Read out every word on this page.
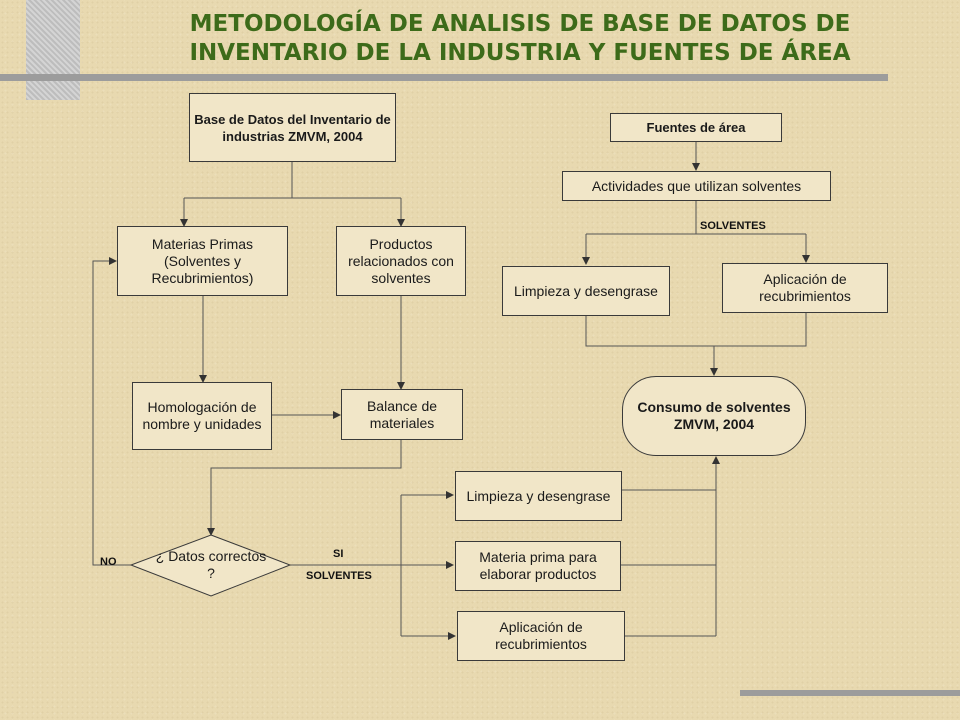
METODOLOGÍA DE ANALISIS DE BASE DE DATOS DE
INVENTARIO DE LA INDUSTRIA Y FUENTES DE ÁREA
Base de Datos del Inventario de industrias ZMVM, 2004
Materias Primas (Solventes y Recubrimientos)
Productos relacionados con solventes
Homologación de nombre y unidades
Balance de materiales
¿ Datos correctos ?
NO
SI
SOLVENTES
Limpieza y desengrase
Materia prima para elaborar productos
Aplicación de recubrimientos
Fuentes de área
Actividades que utilizan solventes
SOLVENTES
Limpieza y desengrase
Aplicación de recubrimientos
Consumo de solventes ZMVM, 2004
